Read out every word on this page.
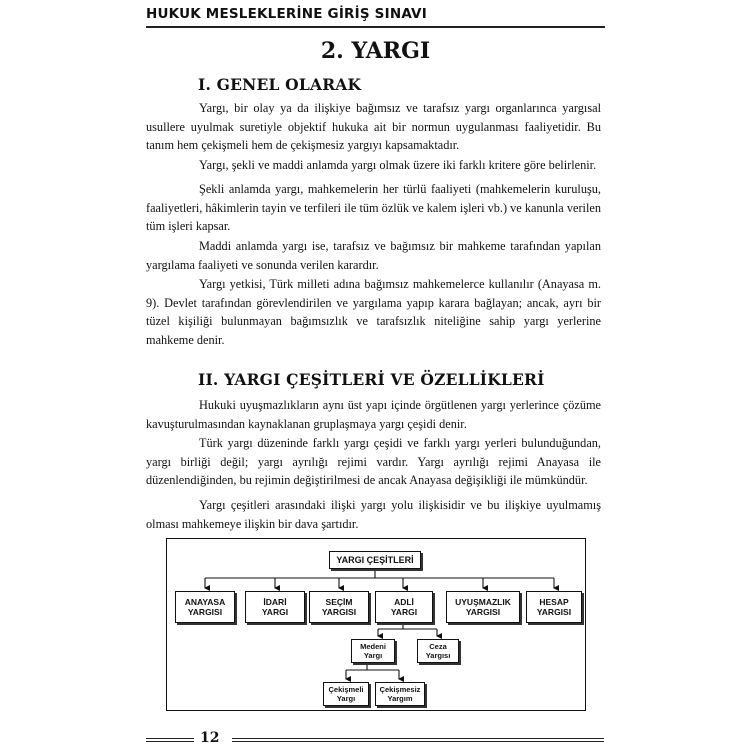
HUKUK MESLEKLERİNE GİRİŞ SINAVI
2. YARGI
I. GENEL OLARAK

Yargı, bir olay ya da ilişkiye bağımsız ve tarafsız yargı organlarınca yargısal usullere uyulmak suretiyle objektif hukuka ait bir normun uygulanması faaliyetidir. Bu tanım hem çekişmeli hem de çekişmesiz yargıyı kapsamaktadır.

Yargı, şekli ve maddi anlamda yargı olmak üzere iki farklı kritere göre belirlenir.

Şekli anlamda yargı, mahkemelerin her türlü faaliyeti (mahkemelerin kuruluşu, faaliyetleri, hâkimlerin tayin ve terfileri ile tüm özlük ve kalem işleri vb.) ve kanunla verilen tüm işleri kapsar.

Maddi anlamda yargı ise, tarafsız ve bağımsız bir mahkeme tarafından yapılan yargılama faaliyeti ve sonunda verilen karardır.

Yargı yetkisi, Türk milleti adına bağımsız mahkemelerce kullanılır (Anayasa m. 9). Devlet tarafından görevlendirilen ve yargılama yapıp karara bağlayan; ancak, ayrı bir tüzel kişiliği bulunmayan bağımsızlık ve tarafsızlık niteliğine sahip yargı yerlerine mahkeme denir.

II. YARGI ÇEŞİTLERİ VE ÖZELLİKLERİ

Hukuki uyuşmazlıkların aynı üst yapı içinde örgütlenen yargı yerlerince çözüme kavuşturulmasından kaynaklanan gruplaşmaya yargı çeşidi denir.

Türk yargı düzeninde farklı yargı çeşidi ve farklı yargı yerleri bulunduğundan, yargı birliği değil; yargı ayrılığı rejimi vardır. Yargı ayrılığı rejimi Anayasa ile düzenlendiğinden, bu rejimin değiştirilmesi de ancak Anayasa değişikliği ile mümkündür.

Yargı çeşitleri arasındaki ilişki yargı yolu ilişkisidir ve bu ilişkiye uyulmamış olması mahkemeye ilişkin bir dava şartıdır.

YARGI ÇEŞİTLERİ
ANAYASA
YARGISI
İDARİ
YARGI
SEÇİM
YARGISI
ADLİ
YARGI
UYUŞMAZLIK
YARGISI
HESAP
YARGISI
Medeni
Yargı
Ceza
Yargısı
Çekişmeli
Yargı
Çekişmesiz
Yargım
12
